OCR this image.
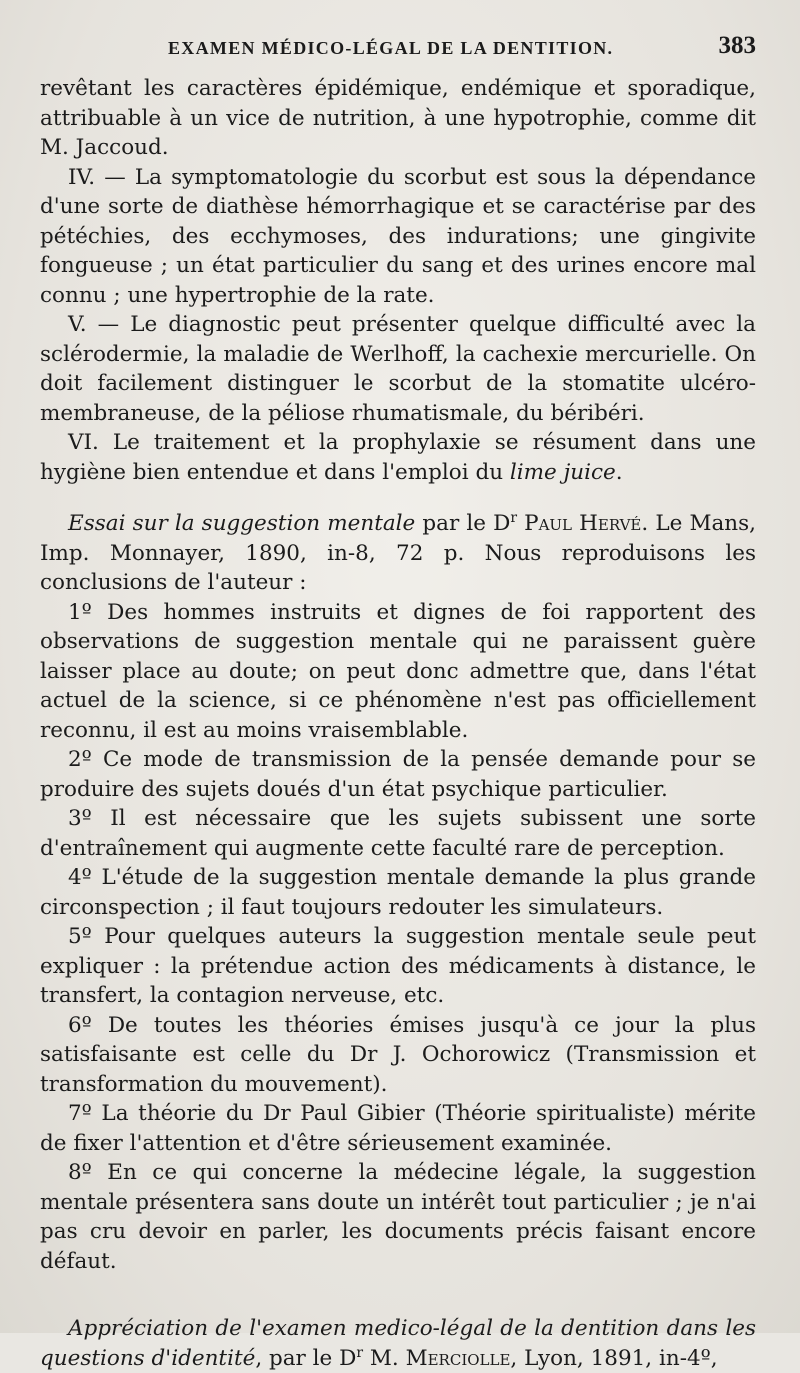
EXAMEN MÉDICO-LÉGAL DE LA DENTITION.	383

revêtant les caractères épidémique, endémique et sporadique, attribuable à un vice de nutrition, à une hypotrophie, comme dit M. Jaccoud.

IV. — La symptomatologie du scorbut est sous la dépendance d'une sorte de diathèse hémorrhagique et se caractérise par des pétéchies, des ecchymoses, des indurations; une gingivite fongueuse ; un état particulier du sang et des urines encore mal connu ; une hypertrophie de la rate.

V. — Le diagnostic peut présenter quelque difficulté avec la sclérodermie, la maladie de Werlhoff, la cachexie mercurielle. On doit facilement distinguer le scorbut de la stomatite ulcéro-membraneuse, de la péliose rhumatismale, du béribéri.

VI. Le traitement et la prophylaxie se résument dans une hygiène bien entendue et dans l'emploi du lime juice.

Essai sur la suggestion mentale par le $D^r$ Paul Hervé. Le Mans, Imp. Monnayer, 1890, in-8, 72 p. Nous reproduisons les conclusions de l'auteur :

1º Des hommes instruits et dignes de foi rapportent des observations de suggestion mentale qui ne paraissent guère laisser place au doute; on peut donc admettre que, dans l'état actuel de la science, si ce phénomène n'est pas officiellement reconnu, il est au moins vraisemblable.

2º Ce mode de transmission de la pensée demande pour se produire des sujets doués d'un état psychique particulier.

3º Il est nécessaire que les sujets subissent une sorte d'entraînement qui augmente cette faculté rare de perception.

4º L'étude de la suggestion mentale demande la plus grande circonspection ; il faut toujours redouter les simulateurs.

5º Pour quelques auteurs la suggestion mentale seule peut expliquer : la prétendue action des médicaments à distance, le transfert, la contagion nerveuse, etc.

6º De toutes les théories émises jusqu'à ce jour la plus satisfaisante est celle du Dr J. Ochorowicz (Transmission et transformation du mouvement).

7º La théorie du Dr Paul Gibier (Théorie spiritualiste) mérite de fixer l'attention et d'être sérieusement examinée.

8º En ce qui concerne la médecine légale, la suggestion mentale présentera sans doute un intérêt tout particulier ; je n'ai pas cru devoir en parler, les documents précis faisant encore défaut.

Appréciation de l'examen medico-légal de la dentition dans les questions d'identité, par le $D^r$ M. Merciolle, Lyon, 1891, in-4º,
